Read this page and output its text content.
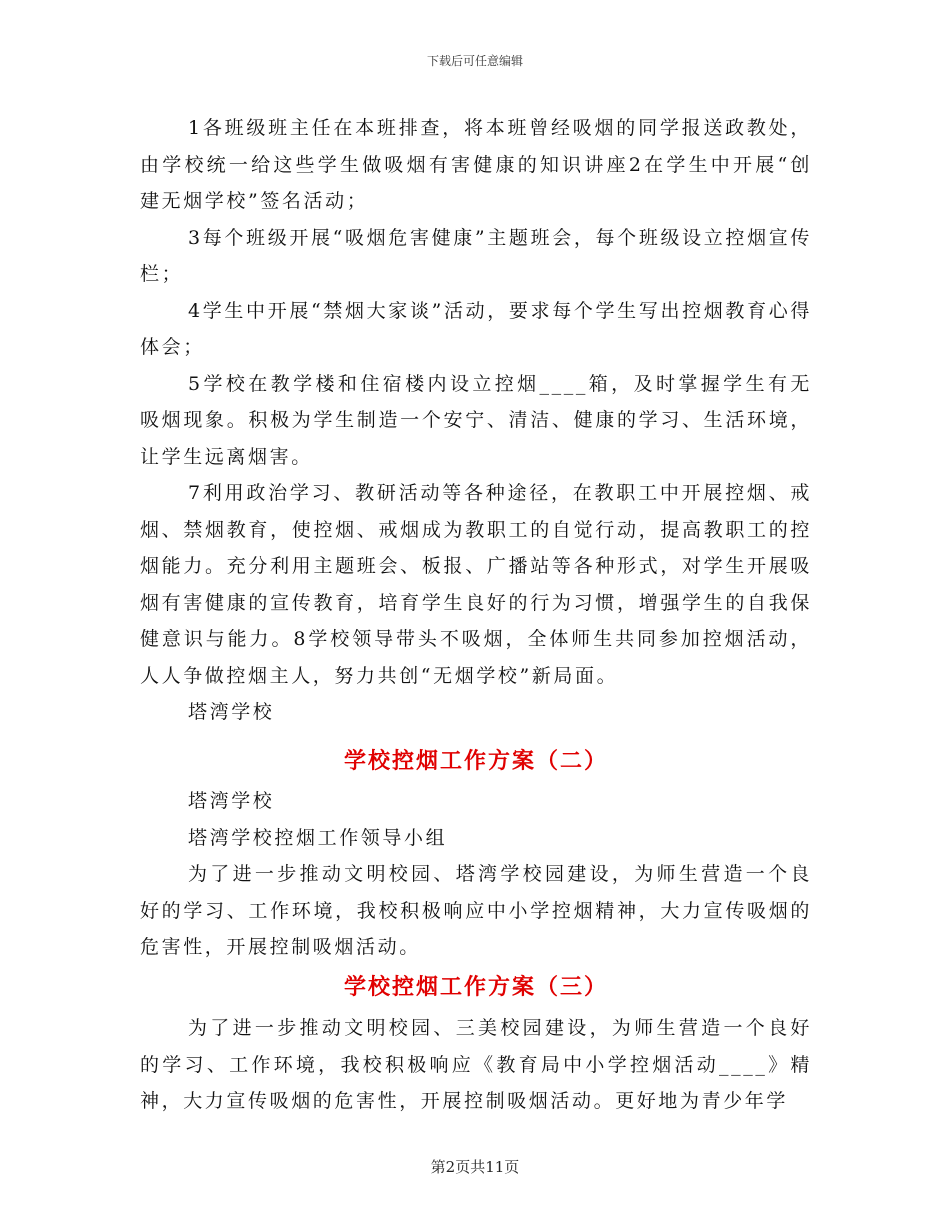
下载后可任意编辑

1各班级班主任在本班排查，将本班曾经吸烟的同学报送政教处，由学校统一给这些学生做吸烟有害健康的知识讲座2在学生中开展“创建无烟学校”签名活动；

3每个班级开展“吸烟危害健康”主题班会，每个班级设立控烟宣传栏；

4学生中开展“禁烟大家谈”活动，要求每个学生写出控烟教育心得体会；

5学校在教学楼和住宿楼内设立控烟____箱，及时掌握学生有无吸烟现象。积极为学生制造一个安宁、清洁、健康的学习、生活环境，让学生远离烟害。

7利用政治学习、教研活动等各种途径，在教职工中开展控烟、戒烟、禁烟教育，使控烟、戒烟成为教职工的自觉行动，提高教职工的控烟能力。充分利用主题班会、板报、广播站等各种形式，对学生开展吸烟有害健康的宣传教育，培育学生良好的行为习惯，增强学生的自我保健意识与能力。8学校领导带头不吸烟，全体师生共同参加控烟活动，人人争做控烟主人，努力共创“无烟学校”新局面。

塔湾学校

学校控烟工作方案（二）

塔湾学校

塔湾学校控烟工作领导小组

为了进一步推动文明校园、塔湾学校园建设，为师生营造一个良好的学习、工作环境，我校积极响应中小学控烟精神，大力宣传吸烟的危害性，开展控制吸烟活动。

学校控烟工作方案（三）

为了进一步推动文明校园、三美校园建设，为师生营造一个良好的学习、工作环境，我校积极响应《教育局中小学控烟活动____》精神，大力宣传吸烟的危害性，开展控制吸烟活动。更好地为青少年学

第2页共11页
